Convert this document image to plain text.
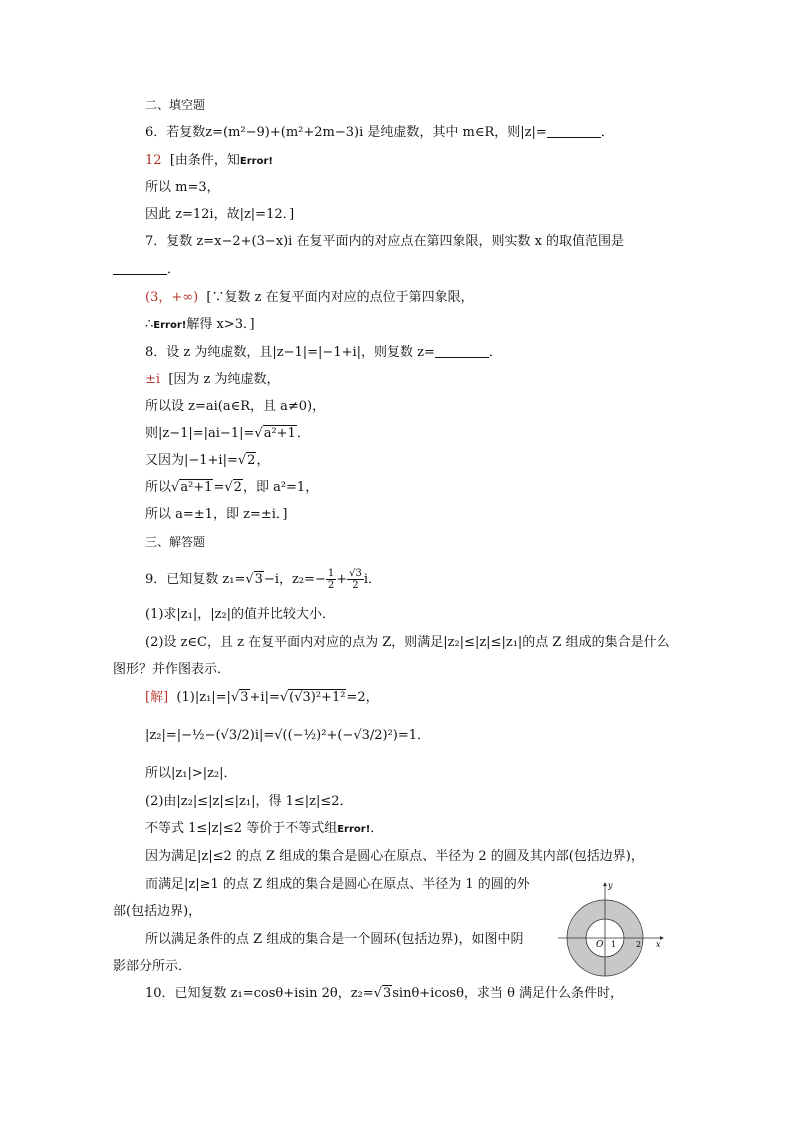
二、填空题
6．若复数z=(m²−9)+(m²+2m−3)i 是纯虚数，其中 m∈R，则|z|=	．
12 [由条件，知Error!
所以 m=3，
因此 z=12i，故|z|=12．]
7．复数 z=x−2+(3−x)i 在复平面内的对应点在第四象限，则实数 x 的取值范围是
．
(3，+∞) [∵复数 z 在复平面内对应的点位于第四象限，
∴Error!解得 x>3．]
8．设 z 为纯虚数，且|z−1|=|−1+i|，则复数 z=	．
±i [因为 z 为纯虚数，
所以设 z=ai(a∈R，且 a≠0)，
则|z−1|=|ai−1|=√a²+1．
又因为|−1+i|=√2，
所以√a²+1=√2，即 a²=1，
所以 a=±1，即 z=±i．]
三、解答题
9．已知复数 z₁=√3−i，$z_2=- \frac{1}{2} + \frac{√3}{2}$ i．
(1)求|z₁|，|z₂|的值并比较大小．
(2)设 z∈C，且 z 在复平面内对应的点为 Z，则满足|z₂|≤|z|≤|z₁|的点 Z 组成的集合是什么
图形？并作图表示．
[解] (1)|z₁|=|√3+i|=√(√3)²+1²=2，
|z₂|=|−½−(√3/2)i|=√((−½)²+(−√3/2)²)=1．
所以|z₁|>|z₂|．
(2)由|z₂|≤|z|≤|z₁|，得 1≤|z|≤2．
不等式 1≤|z|≤2 等价于不等式组Error!．
因为满足|z|≤2 的点 Z 组成的集合是圆心在原点、半径为 2 的圆及其内部(包括边界)，
而满足|z|≥1 的点 Z 组成的集合是圆心在原点、半径为 1 的圆的外
部(包括边界)，
所以满足条件的点 Z 组成的集合是一个圆环(包括边界)，如图中阴
影部分所示．
x
y
O 1 2
10．已知复数 z₁=cosθ+isin 2θ，z₂=√3sinθ+icosθ，求当 θ 满足什么条件时，
